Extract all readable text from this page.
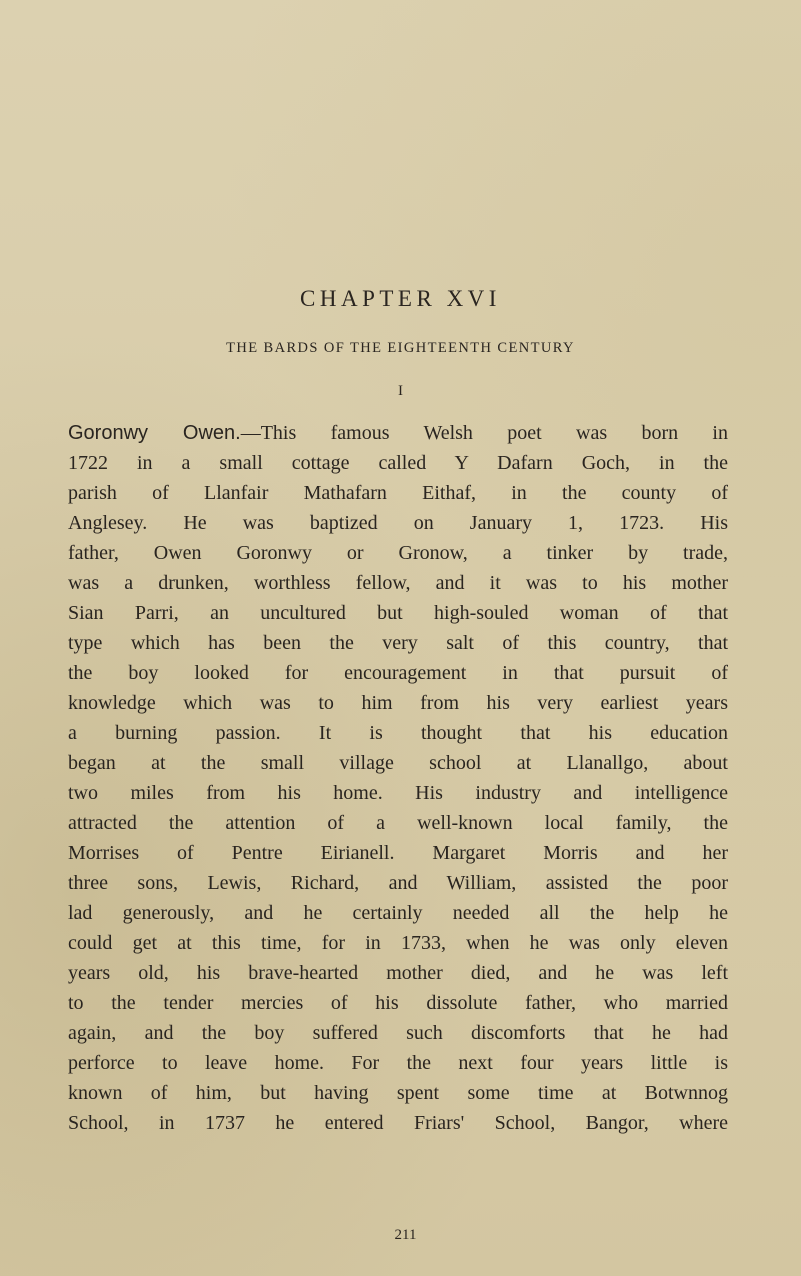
CHAPTER XVI
THE BARDS OF THE EIGHTEENTH CENTURY
I
Goronwy Owen.—This famous Welsh poet was born in
1722 in a small cottage called Y Dafarn Goch, in the
parish of Llanfair Mathafarn Eithaf, in the county of
Anglesey. He was baptized on January 1, 1723. His
father, Owen Goronwy or Gronow, a tinker by trade,
was a drunken, worthless fellow, and it was to his mother
Sian Parri, an uncultured but high-souled woman of that
type which has been the very salt of this country, that
the boy looked for encouragement in that pursuit of
knowledge which was to him from his very earliest years
a burning passion. It is thought that his education
began at the small village school at Llanallgo, about
two miles from his home. His industry and intelligence
attracted the attention of a well-known local family, the
Morrises of Pentre Eirianell. Margaret Morris and her
three sons, Lewis, Richard, and William, assisted the poor
lad generously, and he certainly needed all the help he
could get at this time, for in 1733, when he was only eleven
years old, his brave-hearted mother died, and he was left
to the tender mercies of his dissolute father, who married
again, and the boy suffered such discomforts that he had
perforce to leave home. For the next four years little is
known of him, but having spent some time at Botwnnog
School, in 1737 he entered Friars' School, Bangor, where
211
